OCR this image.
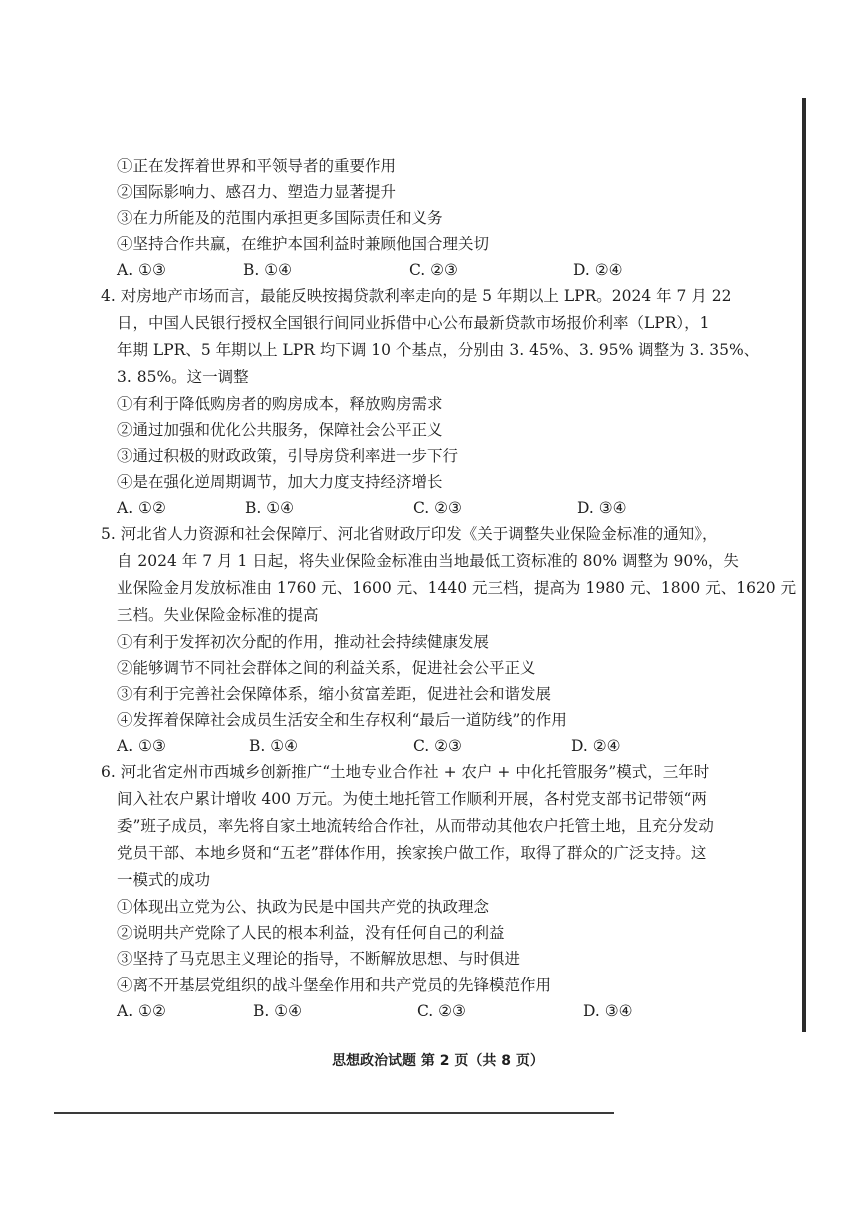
①正在发挥着世界和平领导者的重要作用
②国际影响力、感召力、塑造力显著提升
③在力所能及的范围内承担更多国际责任和义务
④坚持合作共赢，在维护本国利益时兼顾他国合理关切
A. ①③	B. ①④	C. ②③	D. ②④
4. 对房地产市场而言，最能反映按揭贷款利率走向的是 5 年期以上 LPR。2024 年 7 月 22
日，中国人民银行授权全国银行间同业拆借中心公布最新贷款市场报价利率（LPR），1
年期 LPR、5 年期以上 LPR 均下调 10 个基点，分别由 3. 45%、3. 95% 调整为 3. 35%、
3. 85%。这一调整
①有利于降低购房者的购房成本，释放购房需求
②通过加强和优化公共服务，保障社会公平正义
③通过积极的财政政策，引导房贷利率进一步下行
④是在强化逆周期调节，加大力度支持经济增长
A. ①②	B. ①④	C. ②③	D. ③④
5. 河北省人力资源和社会保障厅、河北省财政厅印发《关于调整失业保险金标准的通知》，
自 2024 年 7 月 1 日起，将失业保险金标准由当地最低工资标准的 80% 调整为 90%，失
业保险金月发放标准由 1760 元、1600 元、1440 元三档，提高为 1980 元、1800 元、1620 元
三档。失业保险金标准的提高
①有利于发挥初次分配的作用，推动社会持续健康发展
②能够调节不同社会群体之间的利益关系，促进社会公平正义
③有利于完善社会保障体系，缩小贫富差距，促进社会和谐发展
④发挥着保障社会成员生活安全和生存权利“最后一道防线”的作用
A. ①③	B. ①④	C. ②③	D. ②④
6. 河北省定州市西城乡创新推广“土地专业合作社 + 农户 + 中化托管服务”模式，三年时
间入社农户累计增收 400 万元。为使土地托管工作顺利开展，各村党支部书记带领“两
委”班子成员，率先将自家土地流转给合作社，从而带动其他农户托管土地，且充分发动
党员干部、本地乡贤和“五老”群体作用，挨家挨户做工作，取得了群众的广泛支持。这
一模式的成功
①体现出立党为公、执政为民是中国共产党的执政理念
②说明共产党除了人民的根本利益，没有任何自己的利益
③坚持了马克思主义理论的指导，不断解放思想、与时俱进
④离不开基层党组织的战斗堡垒作用和共产党员的先锋模范作用
A. ①②	B. ①④	C. ②③	D. ③④
思想政治试题 第 2 页（共 8 页）
